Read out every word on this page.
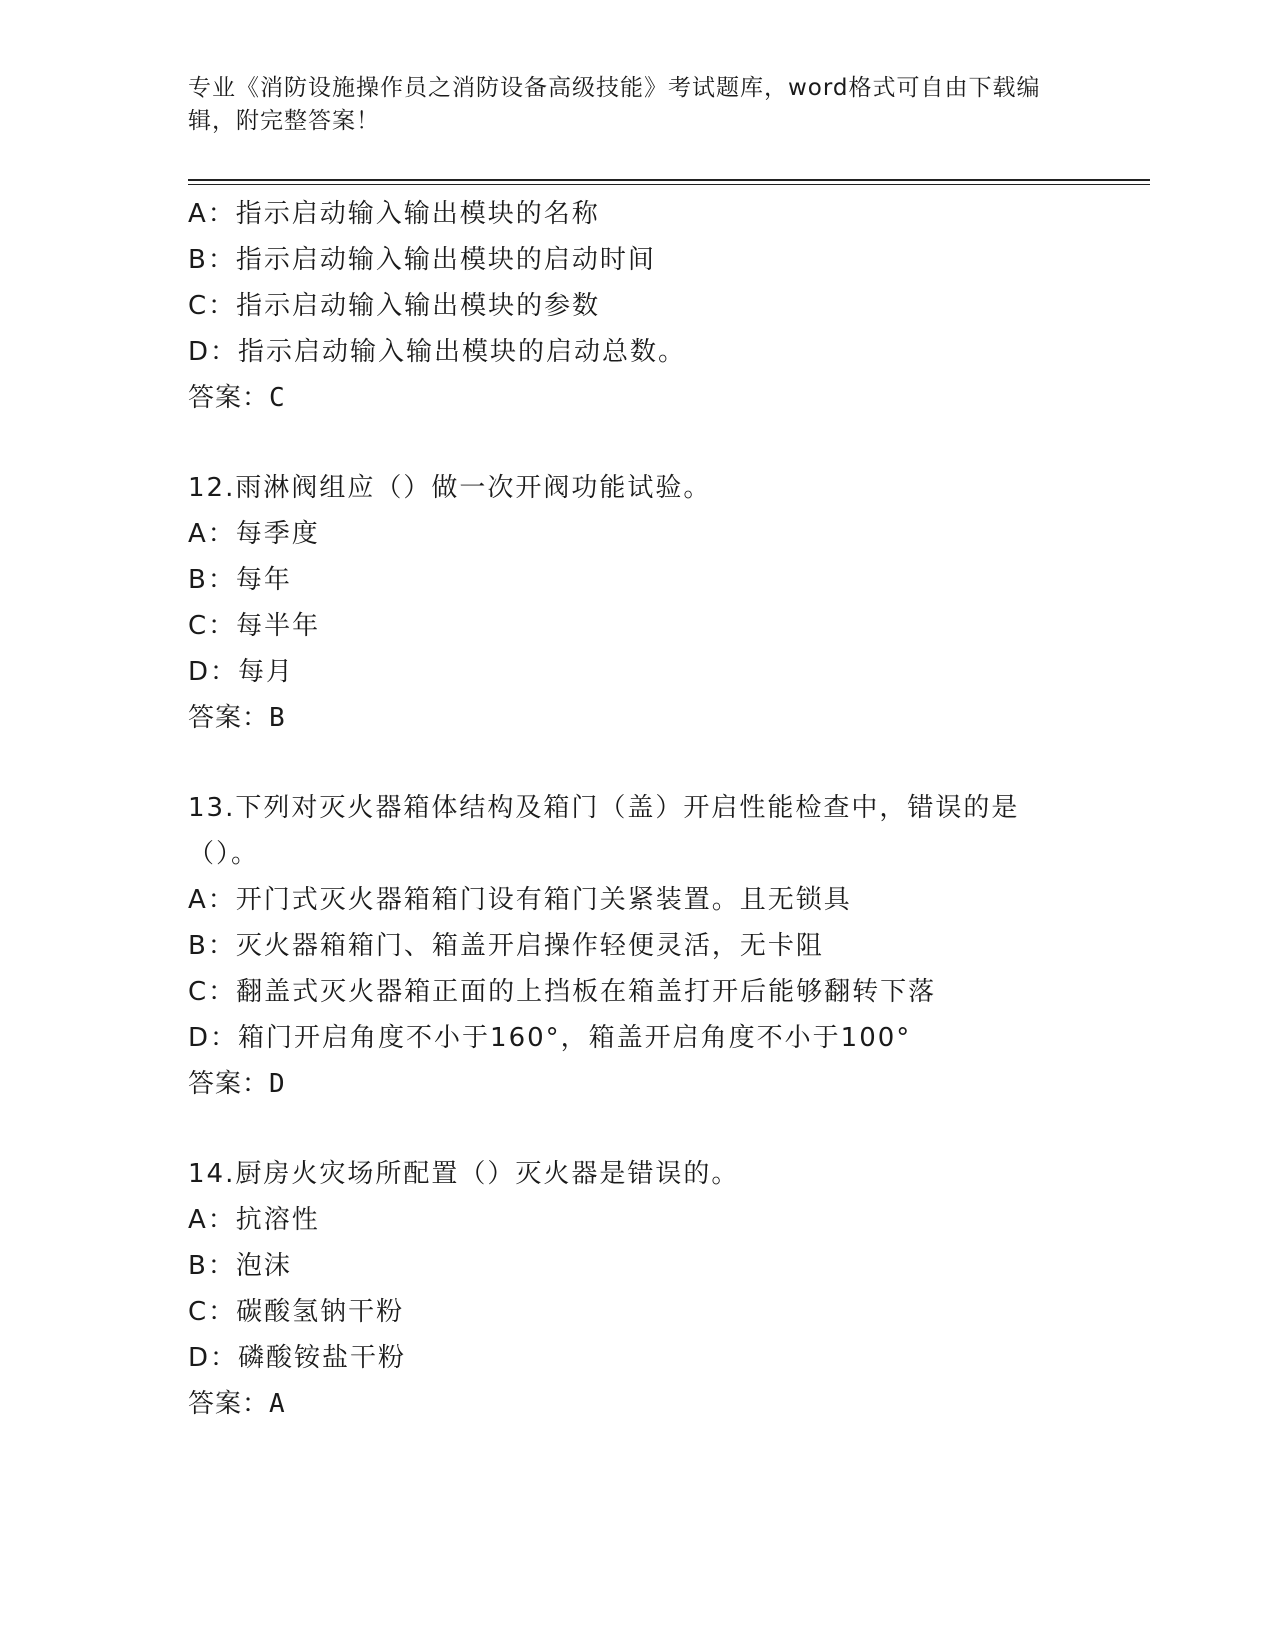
专业《消防设施操作员之消防设备高级技能》考试题库，word格式可自由下载编辑，附完整答案！
A：指示启动输入输出模块的名称
B：指示启动输入输出模块的启动时间
C：指示启动输入输出模块的参数
D：指示启动输入输出模块的启动总数。
答案：C
12.雨淋阀组应（）做一次开阀功能试验。
A：每季度
B：每年
C：每半年
D：每月
答案：B
13.下列对灭火器箱体结构及箱门（盖）开启性能检查中，错误的是（）。
A：开门式灭火器箱箱门设有箱门关紧装置。且无锁具
B：灭火器箱箱门、箱盖开启操作轻便灵活，无卡阻
C：翻盖式灭火器箱正面的上挡板在箱盖打开后能够翻转下落
D：箱门开启角度不小于160°，箱盖开启角度不小于100°
答案：D
14.厨房火灾场所配置（）灭火器是错误的。
A：抗溶性
B：泡沫
C：碳酸氢钠干粉
D：磷酸铵盐干粉
答案：A
